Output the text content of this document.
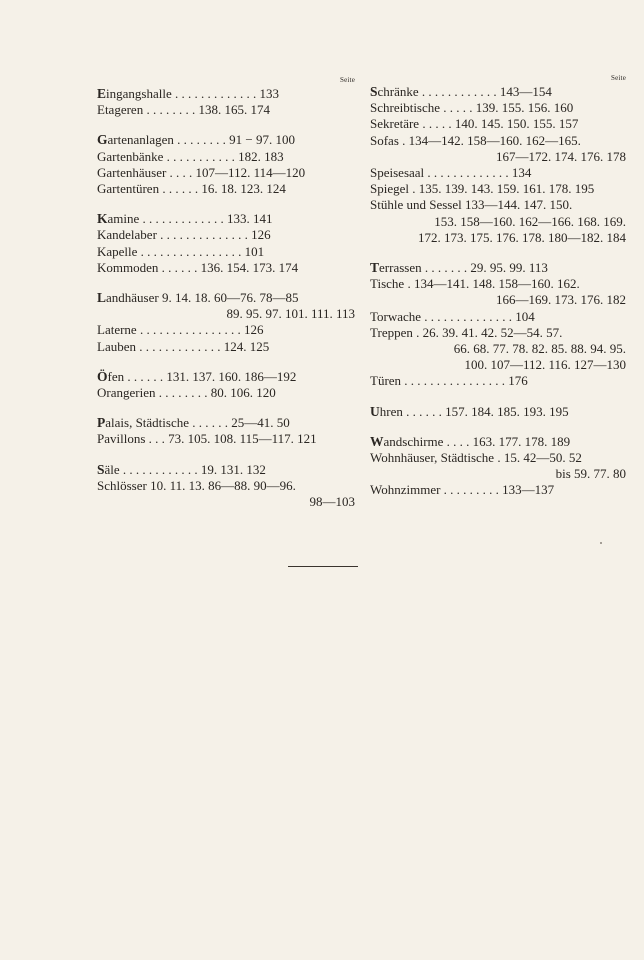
Seite
Eingangshalle . . . . . . . . . . . . . 133
Etageren . . . . . . . . 138. 165. 174
Gartenanlagen . . . . . . . . 91 − 97. 100
Gartenbänke . . . . . . . . . . . 182. 183
Gartenhäuser . . . . 107—112. 114—120
Gartentüren . . . . . . 16. 18. 123. 124
Kamine . . . . . . . . . . . . . 133. 141
Kandelaber . . . . . . . . . . . . . . 126
Kapelle . . . . . . . . . . . . . . . . 101
Kommoden . . . . . . 136. 154. 173. 174
Landhäuser 9. 14. 18. 60—76. 78—85
89. 95. 97. 101. 111. 113
Laterne . . . . . . . . . . . . . . . . 126
Lauben . . . . . . . . . . . . . 124. 125
Öfen . . . . . . 131. 137. 160. 186—192
Orangerien . . . . . . . . 80. 106. 120
Palais, Städtische . . . . . . 25—41. 50
Pavillons . . . 73. 105. 108. 115—117. 121
Säle . . . . . . . . . . . . 19. 131. 132
Schlösser 10. 11. 13. 86—88. 90—96.
98—103
Seite
Schränke . . . . . . . . . . . . 143—154
Schreibtische . . . . . 139. 155. 156. 160
Sekretäre . . . . . 140. 145. 150. 155. 157
Sofas . 134—142. 158—160. 162—165.
167—172. 174. 176. 178
Speisesaal . . . . . . . . . . . . . 134
Spiegel . 135. 139. 143. 159. 161. 178. 195
Stühle und Sessel 133—144. 147. 150.
153. 158—160. 162—166. 168. 169.
172. 173. 175. 176. 178. 180—182. 184
Terrassen . . . . . . . 29. 95. 99. 113
Tische . 134—141. 148. 158—160. 162.
166—169. 173. 176. 182
Torwache . . . . . . . . . . . . . . 104
Treppen . 26. 39. 41. 42. 52—54. 57.
66. 68. 77. 78. 82. 85. 88. 94. 95.
100. 107—112. 116. 127—130
Türen . . . . . . . . . . . . . . . . 176
Uhren . . . . . . 157. 184. 185. 193. 195
Wandschirme . . . . 163. 177. 178. 189
Wohnhäuser, Städtische . 15. 42—50. 52
bis 59. 77. 80
Wohnzimmer . . . . . . . . . 133—137
